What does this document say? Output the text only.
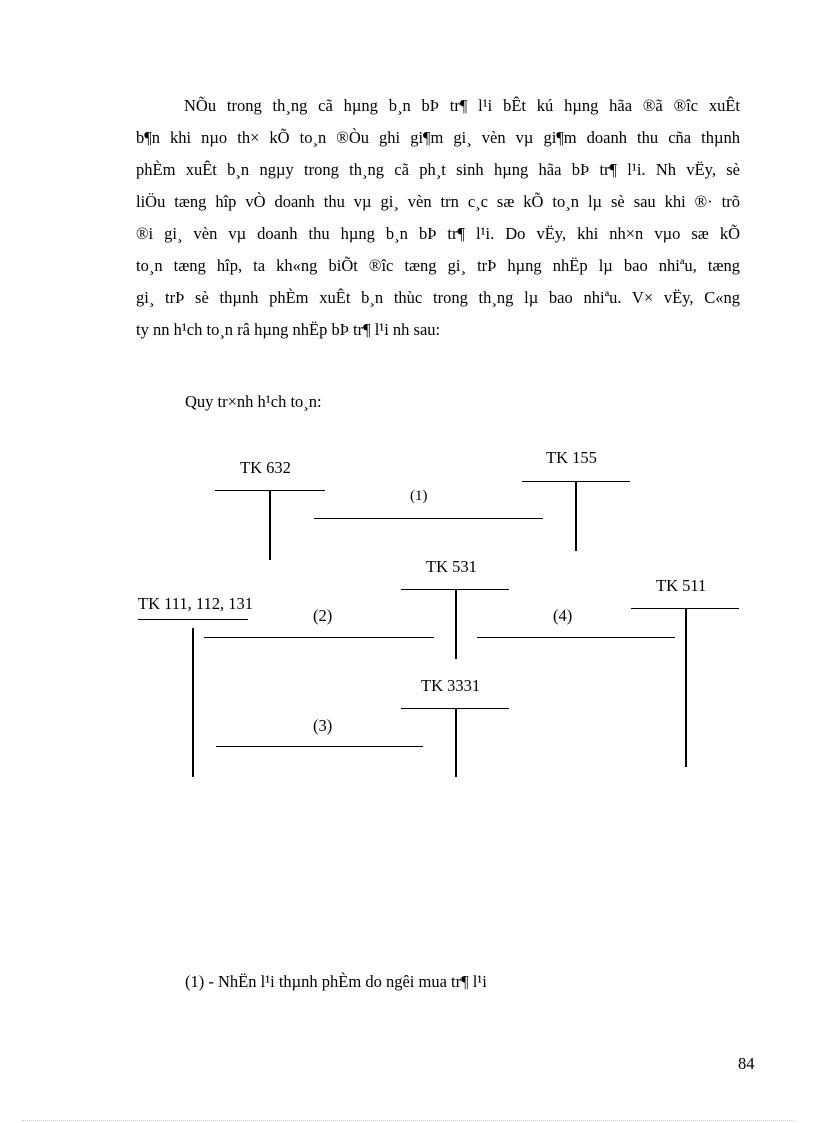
NÕu trong th¸ng cã hµng b¸n bÞ tr¶ l¹i bÊt kú hµng hãa ®ã ®îc xuÊt
b¶n khi nµo th× kÕ to¸n ®Òu ghi gi¶m gi¸ vèn vµ gi¶m doanh thu cña thµnh
phÈm xuÊt b¸n ngµy trong th¸ng cã ph¸t sinh hµng hãa bÞ tr¶ l¹i. Nh vËy, sè
liÖu tæng hîp vÒ doanh thu vµ gi¸ vèn trn c¸c sæ kÕ to¸n lµ sè sau khi ®· trõ
®i gi¸ vèn vµ doanh thu hµng b¸n bÞ tr¶ l¹i. Do vËy, khi nh×n vµo sæ kÕ
to¸n tæng hîp, ta kh«ng biÕt ®îc tæng gi¸ trÞ hµng nhËp lµ bao nhiªu, tæng
gi¸ trÞ sè thµnh phÈm xuÊt b¸n thùc trong th¸ng lµ bao nhiªu. V× vËy, C«ng
ty nn h¹ch to¸n râ hµng nhËp bÞ tr¶ l¹i nh sau:
Quy tr×nh h¹ch to¸n:
TK 632
TK 155
(1)
TK 531
TK 511
TK 111, 112, 131
(2)	(4)
TK 3331
(3)
(1) - NhËn l¹i thµnh phÈm do ngêi mua tr¶ l¹i
84
